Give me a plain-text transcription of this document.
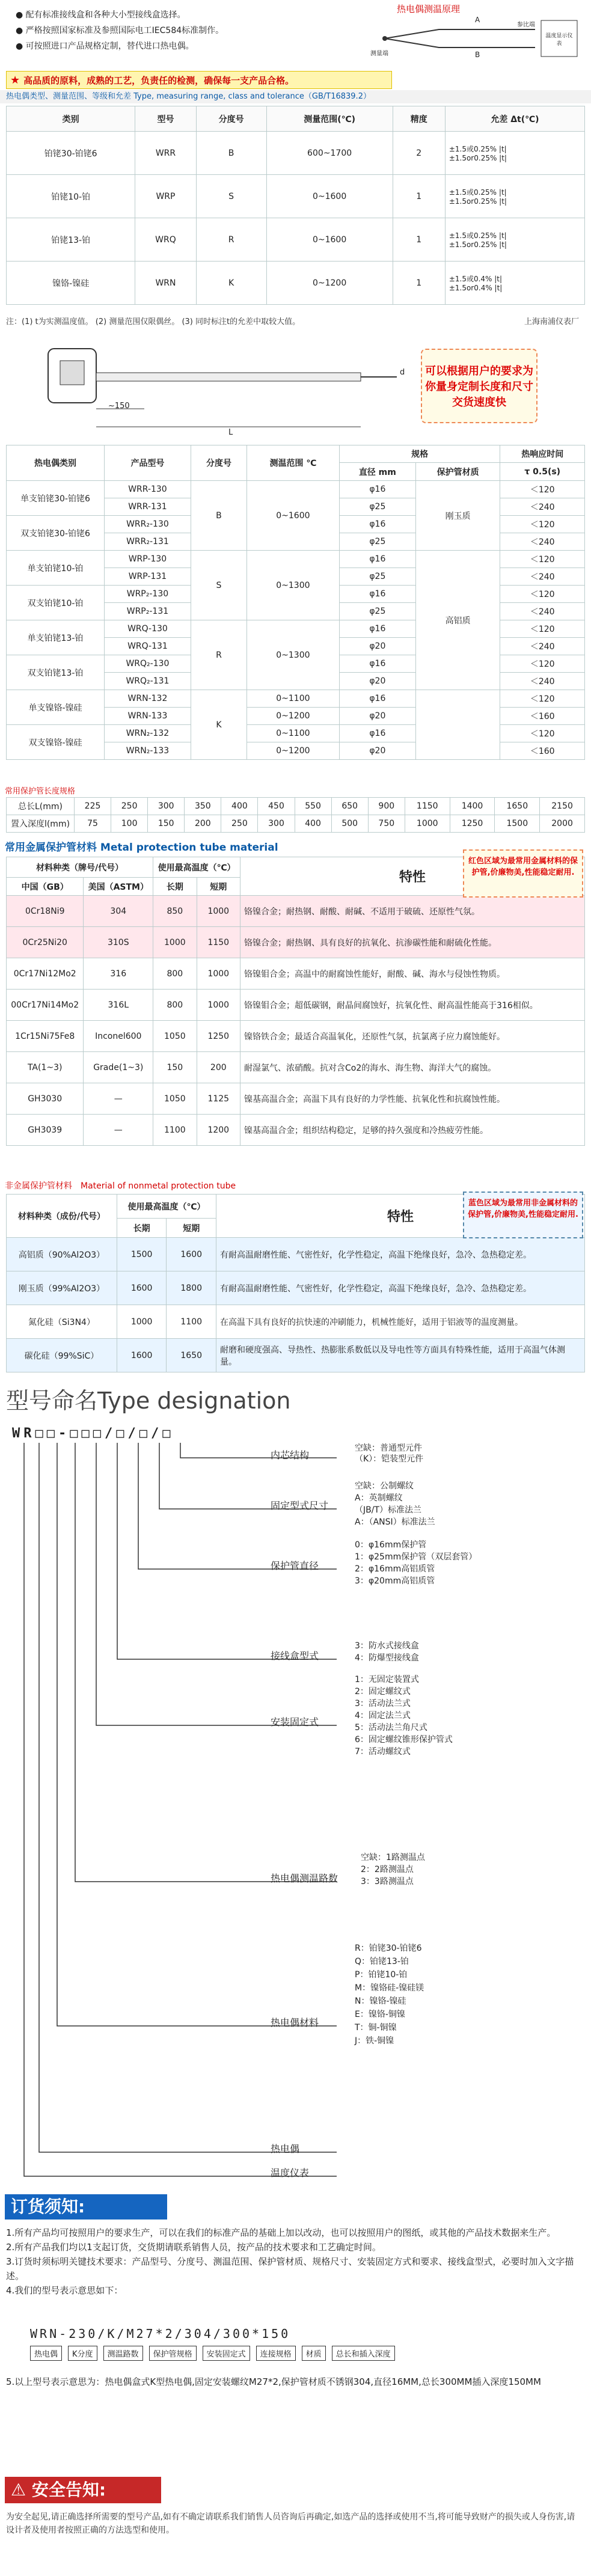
● 配有标准接线盒和各种大小型接线盒选择。
● 严格按照国家标准及参照国际电工IEC584标准制作。
● 可按照进口产品规格定制，替代进口热电偶。
热电偶测温原理
A
B
参比端
测量端
温度显示仪表
★ 高品质的原料，成熟的工艺，负责任的检测，确保每一支产品合格。
热电偶类型、测量范围、等级和允差 Type, measuring range, class and tolerance（GB/T16839.2）
类别	型号	分度号	测量范围(℃)	精度	允差 Δt(℃)
铂铑30-铂铑6	WRR	B	600~1700	2	±1.5或0.25% |t|
±1.5or0.25% |t|

铂铑10-铂	WRP	S	0~1600	1	±1.5或0.25% |t|
±1.5or0.25% |t|

铂铑13-铂	WRQ	R	0~1600	1	±1.5或0.25% |t|
±1.5or0.25% |t|

镍铬-镍硅	WRN	K	0~1200	1	±1.5或0.4% |t|
±1.5or0.4% |t|
注：(1) t为实测温度值。 (2) 测量范围仅限偶丝。 (3) 同时标注t的允差中取较大值。	上海南浦仪表厂
~150
d
L
可以根据用户的要求为你量身定制长度和尺寸交货速度快
热电偶类别	产品型号	分度号	测温范围 ℃	规格		热响应时间
				直径 mm	保护管材质	τ 0.5(s)
单支铂铑30-铂铑6	WRR-130	B	0~1600	φ16	刚玉质	＜120
	WRR-131			φ25		＜240
双支铂铑30-铂铑6	WRR₂-130			φ16		＜120
	WRR₂-131			φ25		＜240
单支铂铑10-铂	WRP-130	S	0~1300	φ16	高铝质	＜120
	WRP-131			φ25		＜240
双支铂铑10-铂	WRP₂-130			φ16		＜120
	WRP₂-131			φ25		＜240
单支铂铑13-铂	WRQ-130	R	0~1300	φ16		＜120
	WRQ-131			φ20		＜240
双支铂铑13-铂	WRQ₂-130			φ16		＜120
	WRQ₂-131			φ20		＜240
单支镍铬-镍硅	WRN-132	K	0~1100	φ16		＜120
	WRN-133		0~1200	φ20		＜160
双支镍铬-镍硅	WRN₂-132		0~1100	φ16		＜120
	WRN₂-133		0~1200	φ20		＜160
常用保护管长度规格
总长L(mm)	225	250	300	350	400	450	550	650	900	1150	1400	1650	2150
置入深度l(mm)	75	100	150	200	250	300	400	500	750	1000	1250	1500	2000
常用金属保护管材料 Metal protection tube material
材料种类（牌号/代号）		使用最高温度（℃）		特性
中国（GB）	美国（ASTM）	长期	短期	
0Cr18Ni9	304	850	1000	铬镍合金；耐热钢、耐酸、耐碱、不适用于破硫、还原性气氛。
0Cr25Ni20	310S	1000	1150	铬镍合金；耐热钢、具有良好的抗氧化、抗渗碳性能和耐硫化性能。
0Cr17Ni12Mo2	316	800	1000	铬镍钼合金；高温中的耐腐蚀性能好，耐酸、碱、海水与侵蚀性物质。
00Cr17Ni14Mo2	316L	800	1000	铬镍钼合金；超低碳钢，耐晶间腐蚀好，抗氧化性、耐高温性能高于316相似。
1Cr15Ni75Fe8	Inconel600	1050	1250	镍铬铁合金；最适合高温氧化，还原性气氛，抗氯离子应力腐蚀能好。
TA(1~3)	Grade(1~3)	150	200	耐湿氯气、浓硝酸。抗对含Co2的海水、海生物、海洋大气的腐蚀。
GH3030	—	1050	1125	镍基高温合金；高温下具有良好的力学性能、抗氧化性和抗腐蚀性能。
GH3039	—	1100	1200	镍基高温合金；组织结构稳定，足够的持久强度和冷热疲劳性能。
红色区域为最常用金属材料的保护管,价廉物美,性能稳定耐用.
非金属保护管材料　Material of nonmetal protection tube
材料种类（成份/代号）	使用最高温度（℃）		特性
	长期	短期	
高铝质（90%Al2O3）	1500	1600	有耐高温耐磨性能、气密性好，化学性稳定，高温下绝缘良好，急冷、急热稳定差。
刚玉质（99%Al2O3）	1600	1800	有耐高温耐磨性能、气密性好，化学性稳定，高温下绝缘良好，急冷、急热稳定差。
氮化硅（Si3N4）	1000	1100	在高温下具有良好的抗快速的冲刷能力，机械性能好，适用于铝液等的温度测量。
碳化硅（99%SiC）	1600	1650	耐磨和硬度强高、导热性、热膨胀系数低以及导电性等方面具有特殊性能，适用于高温气体测量。
蓝色区域为最常用非金属材料的保护管,价廉物美,性能稳定耐用.
型号命名Type designation
WR□□-□□□/□/□/□
内芯结构
空缺：普通型元件
（K）：铠装型元件
固定型式尺寸
空缺：公制螺纹
A：英制螺纹
（JB/T）标准法兰
A：（ANSI）标准法兰
保护管直径
0：φ16mm保护管
1：φ25mm保护管（双层套管）
2：φ16mm高铝质管
3：φ20mm高铝质管
接线盒型式
3：防水式接线盒
4：防爆型接线盒
安装固定式
1：无固定装置式
2：固定螺纹式
3：活动法兰式
4：固定法兰式
5：活动法兰角尺式
6：固定螺纹锥形保护管式
7：活动螺纹式
热电偶测温路数
空缺：1路测温点
2：2路测温点
3：3路测温点
热电偶材料
R：铂铑30-铂铑6
Q：铂铑13-铂
P：铂铑10-铂
M：镍铬硅-镍硅镁
N：镍铬-镍硅
E：镍铬-铜镍
T：铜-铜镍
J：铁-铜镍
热电偶
温度仪表
订货须知:
1.所有产品均可按照用户的要求生产，可以在我们的标准产品的基础上加以改动，也可以按照用户的图纸，或其他的产品技术数据来生产。
2.所有产品我们均以1支起订货，交货期请联系销售人员，按产品的技术要求和工艺确定时间。
3.订货时须标明关键技术要求：产品型号、分度号、测温范围、保护管材质、规格尺寸、安装固定方式和要求、接线盒型式，必要时加入文字描述。
4.我们的型号表示意思如下：
WRN-230/K/M27*2/304/300*150
热电偶	K分度	测温路数	保护管规格	安装固定式	连接规格	材质	总长和插入深度
5.以上型号表示意思为：热电偶盒式K型热电偶,固定安装螺纹M27*2,保护管材质不锈钢304,直径16MM,总长300MM插入深度150MM
⚠ 安全告知:
为安全起见,请正确选择所需要的型号产品,如有不确定请联系我们销售人员咨询后再确定,如选产品的选择或使用不当,将可能导致财产的损失或人身伤害,请设计者及使用者按照正确的方法选型和使用。
